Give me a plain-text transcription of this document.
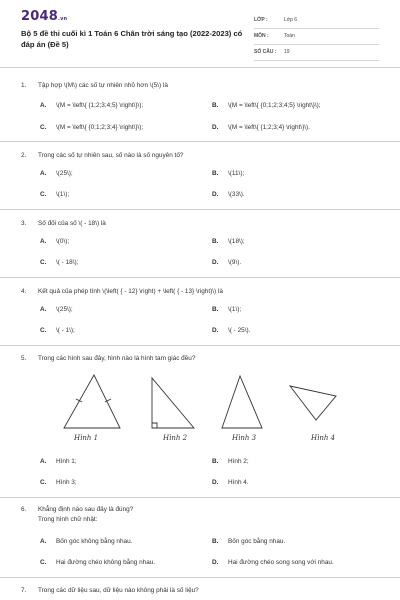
2048.vn
Bộ 5 đề thi cuối kì 1 Toán 6 Chân trời sáng tạo (2022-2023) có đáp án (Đề 5)
LỚP :	Lớp 6
MÔN :	Toán
SỐ CÂU : 19
1. Tập hợp \(M\) các số tự nhiên nhỏ hơn \(5\) là
A. \(M = \left\{ {1;2;3;4;5} \right\}\);	B. \(M = \left\{ {0;1;2;3;4;5} \right\}\);
C. \(M = \left\{ {0;1;2;3;4} \right\}\);	D. \(M = \left\{ {1;2;3;4} \right\}\).
2. Trong các số tự nhiên sau, số nào là số nguyên tố?
A. \(25\);	B. \(11\);
C. \(1\);	D. \(33\).
3. Số đối của số \( - 18\) là
A. \(0\);	B. \(18\);
C. \( - 18\);	D. \(9\).
4. Kết quả của phép tính \(\left( { - 12} \right) + \left( { - 13} \right)\) là
A. \(25\);	B. \(1\);
C. \( - 1\);	D. \( - 25\).
5. Trong các hình sau đây, hình nào là hình tam giác đều?
Hình 1	Hình 2	Hình 3	Hình 4
A. Hình 1;	B. Hình 2;
C. Hình 3;	D. Hình 4.
6. Khẳng định nào sau đây là đúng?
Trong hình chữ nhật:
A. Bốn góc không bằng nhau.	B. Bốn góc bằng nhau.
C. Hai đường chéo không bằng nhau.	D. Hai đường chéo song song với nhau.
7. Trong các dữ liệu sau, dữ liệu nào không phải là số liệu?
